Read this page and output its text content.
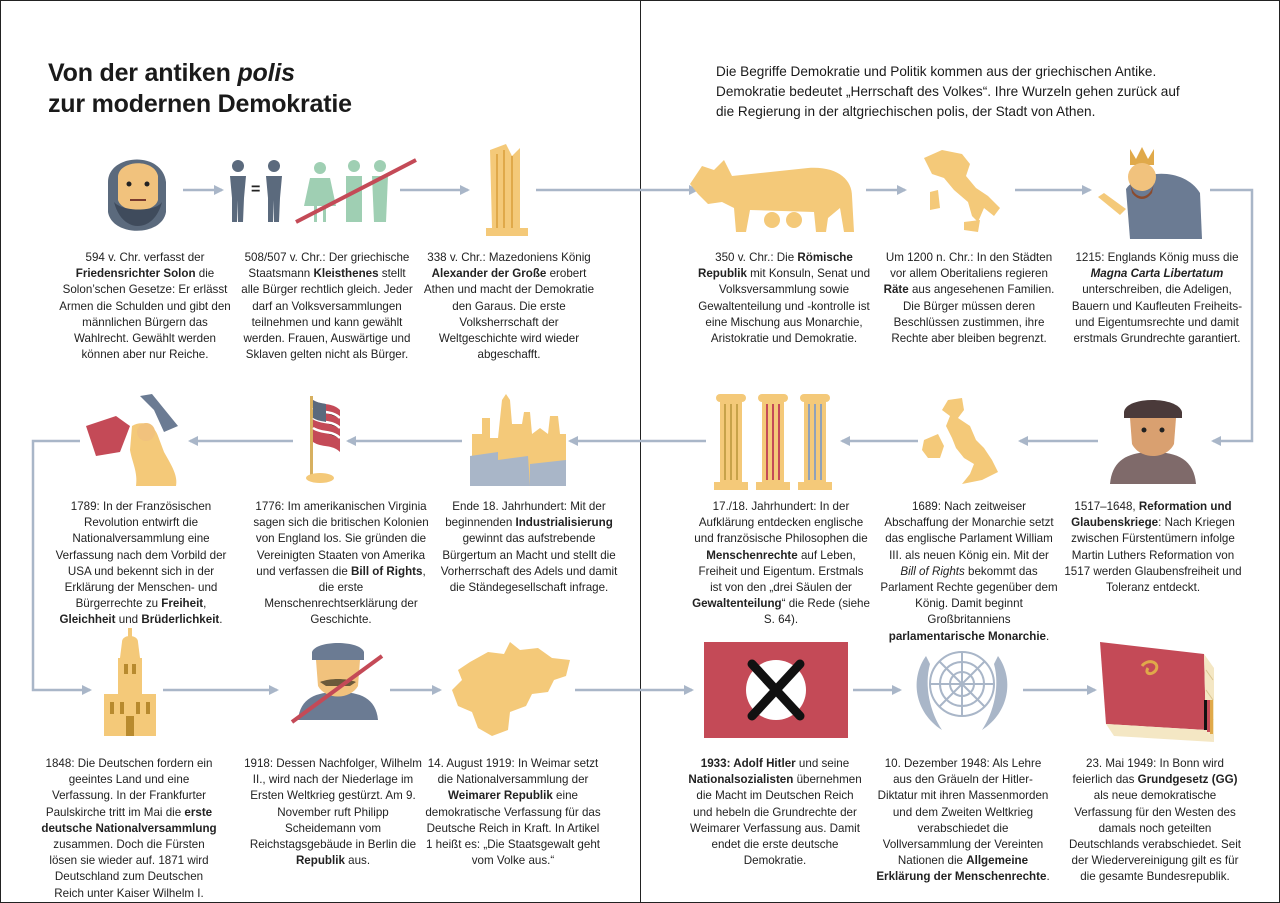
Von der antiken polis
zur modernen Demokratie
Die Begriffe Demokratie und Politik kommen aus der griechischen Antike. Demokratie bedeutet „Herrschaft des Volkes“. Ihre Wurzeln gehen zurück auf die Regierung in der altgriechischen polis, der Stadt von Athen.
=
594 v. Chr. verfasst der Friedensrichter Solon die Solon’schen Gesetze: Er erlässt Armen die Schulden und gibt den männlichen Bürgern das Wahlrecht. Gewählt werden können aber nur Reiche.
508/507 v. Chr.: Der griechische Staatsmann Kleisthenes stellt alle Bürger rechtlich gleich. Jeder darf an Volksversammlungen teilnehmen und kann gewählt werden. Frauen, Auswärtige und Sklaven gelten nicht als Bürger.
338 v. Chr.: Mazedoniens König Alexander der Große erobert Athen und macht der Demokratie den Garaus. Die erste Volksherrschaft der Weltgeschichte wird wieder abgeschafft.
350 v. Chr.: Die Römische Republik mit Konsuln, Senat und Volksversammlung sowie Gewaltenteilung und -kontrolle ist eine Mischung aus Monarchie, Aristokratie und Demokratie.
Um 1200 n. Chr.: In den Städten vor allem Oberitaliens regieren Räte aus angesehenen Familien. Die Bürger müssen deren Beschlüssen zustimmen, ihre Rechte aber bleiben begrenzt.
1215: Englands König muss die Magna Carta Libertatum unterschreiben, die Adeligen, Bauern und Kaufleuten Freiheits- und Eigentumsrechte und damit erstmals Grundrechte garantiert.
1517–1648, Reformation und Glaubenskriege: Nach Kriegen zwischen Fürstentümern infolge Martin Luthers Reformation von 1517 werden Glaubensfreiheit und Toleranz entdeckt.
1689: Nach zeitweiser Abschaffung der Monarchie setzt das englische Parlament William III. als neuen König ein. Mit der Bill of Rights bekommt das Parlament Rechte gegenüber dem König. Damit beginnt Großbritanniens parlamentarische Monarchie.
17./18. Jahrhundert: In der Aufklärung entdecken englische und französische Philosophen die Menschenrechte auf Leben, Freiheit und Eigentum. Erstmals ist von den „drei Säulen der Gewaltenteilung“ die Rede (siehe S. 64).
Ende 18. Jahrhundert: Mit der beginnenden Industrialisierung gewinnt das aufstrebende Bürgertum an Macht und stellt die Vorherrschaft des Adels und damit die Ständegesellschaft infrage.
1776: Im amerikanischen Virginia sagen sich die britischen Kolonien von England los. Sie gründen die Vereinigten Staaten von Amerika und verfassen die Bill of Rights, die erste Menschenrechtserklärung der Geschichte.
1789: In der Französischen Revolution entwirft die Nationalversammlung eine Verfassung nach dem Vorbild der USA und bekennt sich in der Erklärung der Menschen- und Bürgerrechte zu Freiheit, Gleichheit und Brüderlichkeit.
1848: Die Deutschen fordern ein geeintes Land und eine Verfassung. In der Frankfurter Paulskirche tritt im Mai die erste deutsche Nationalversammlung zusammen. Doch die Fürsten lösen sie wieder auf. 1871 wird Deutschland zum Deutschen Reich unter Kaiser Wilhelm I.
1918: Dessen Nachfolger, Wilhelm II., wird nach der Niederlage im Ersten Weltkrieg gestürzt. Am 9. November ruft Philipp Scheidemann vom Reichstagsgebäude in Berlin die Republik aus.
14. August 1919: In Weimar setzt die Nationalversammlung der Weimarer Republik eine demokratische Verfassung für das Deutsche Reich in Kraft. In Artikel 1 heißt es: „Die Staatsgewalt geht vom Volke aus.“
1933: Adolf Hitler und seine Nationalsozialisten übernehmen die Macht im Deutschen Reich und hebeln die Grundrechte der Weimarer Verfassung aus. Damit endet die erste deutsche Demokratie.
10. Dezember 1948: Als Lehre aus den Gräueln der Hitler-Diktatur mit ihren Massenmorden und dem Zweiten Weltkrieg verabschiedet die Vollversammlung der Vereinten Nationen die Allgemeine Erklärung der Menschenrechte.
23. Mai 1949: In Bonn wird feierlich das Grundgesetz (GG) als neue demokratische Verfassung für den Westen des damals noch geteilten Deutschlands verabschiedet. Seit der Wiedervereinigung gilt es für die gesamte Bundesrepublik.
